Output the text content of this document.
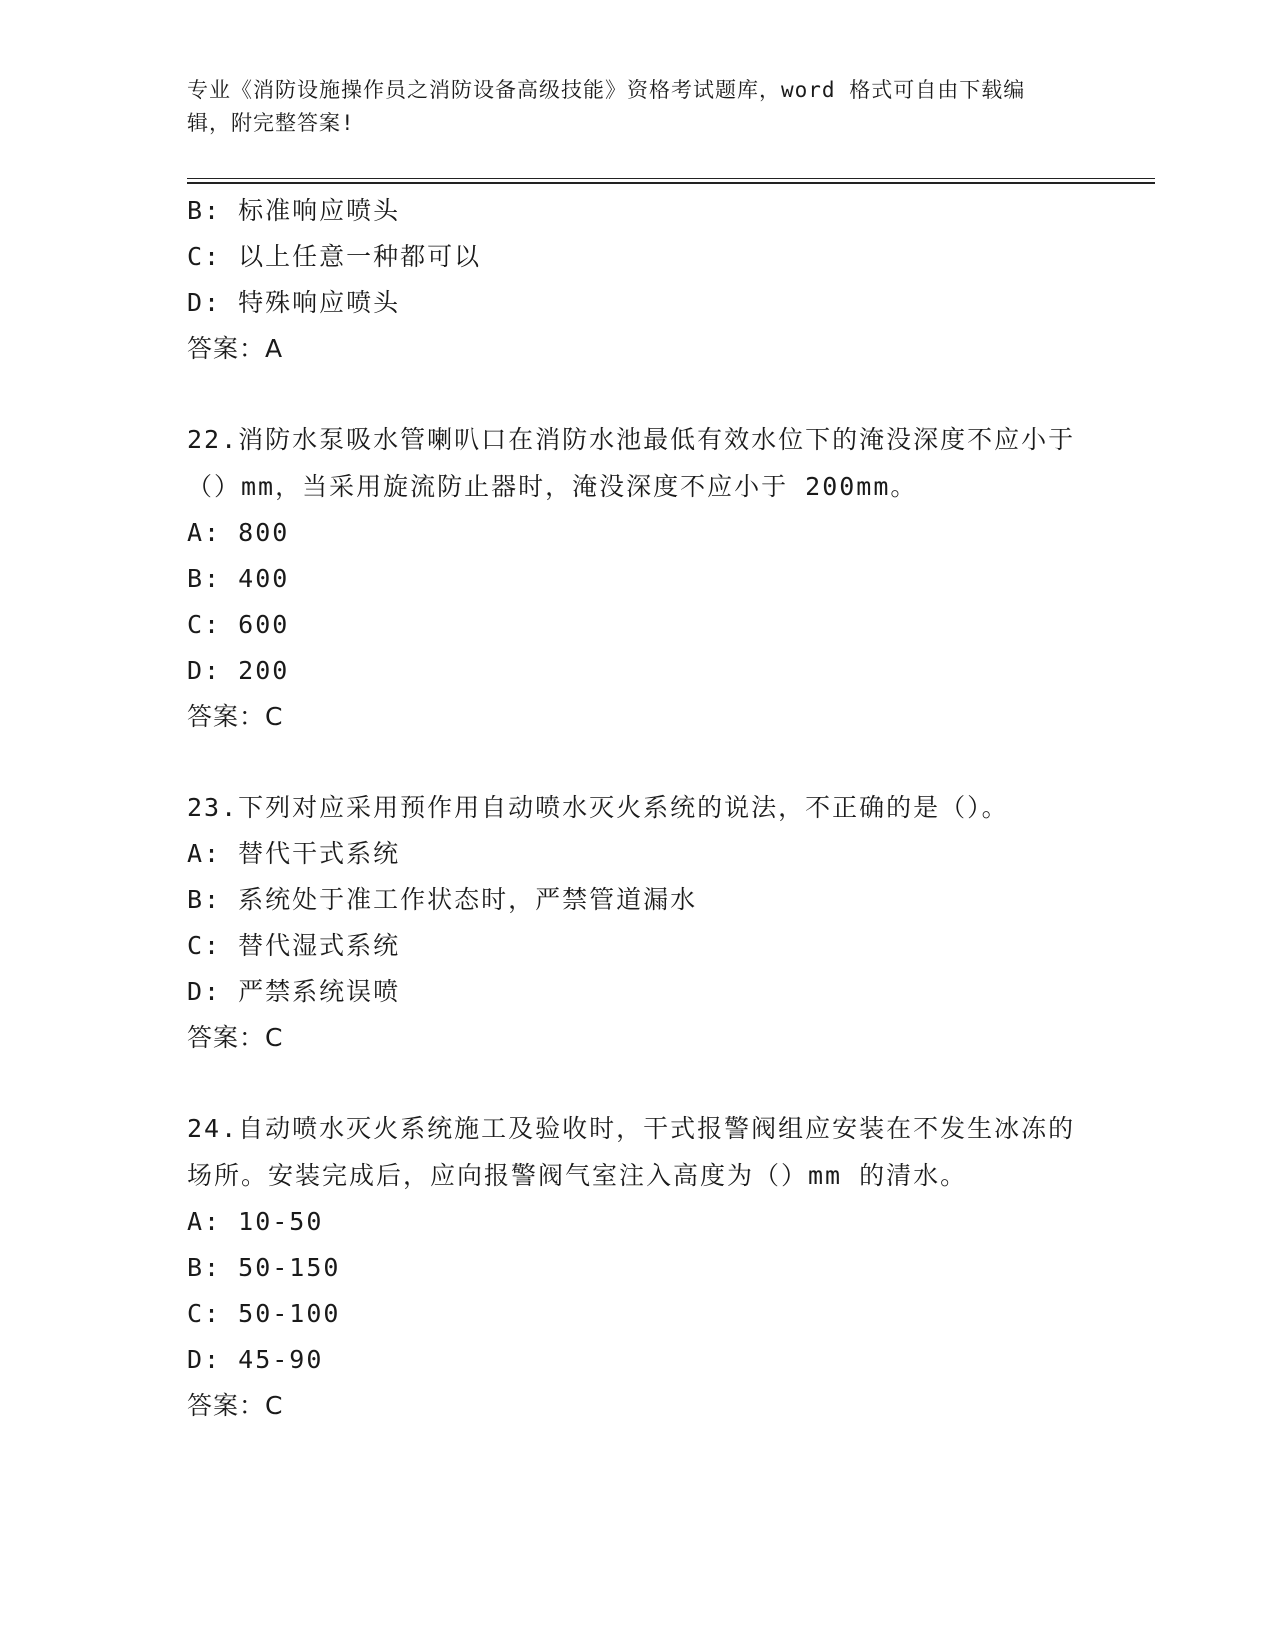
专业《消防设施操作员之消防设备高级技能》资格考试题库，word 格式可自由下载编辑，附完整答案!
B: 标准响应喷头
C: 以上任意一种都可以
D: 特殊响应喷头
答案：A
22.消防水泵吸水管喇叭口在消防水池最低有效水位下的淹没深度不应小于（）mm，当采用旋流防止器时，淹没深度不应小于 200mm。
A: 800
B: 400
C: 600
D: 200
答案：C
23.下列对应采用预作用自动喷水灭火系统的说法，不正确的是（）。
A: 替代干式系统
B: 系统处于准工作状态时，严禁管道漏水
C: 替代湿式系统
D: 严禁系统误喷
答案：C
24.自动喷水灭火系统施工及验收时，干式报警阀组应安装在不发生冰冻的场所。安装完成后，应向报警阀气室注入高度为（）mm 的清水。
A: 10-50
B: 50-150
C: 50-100
D: 45-90
答案：C
